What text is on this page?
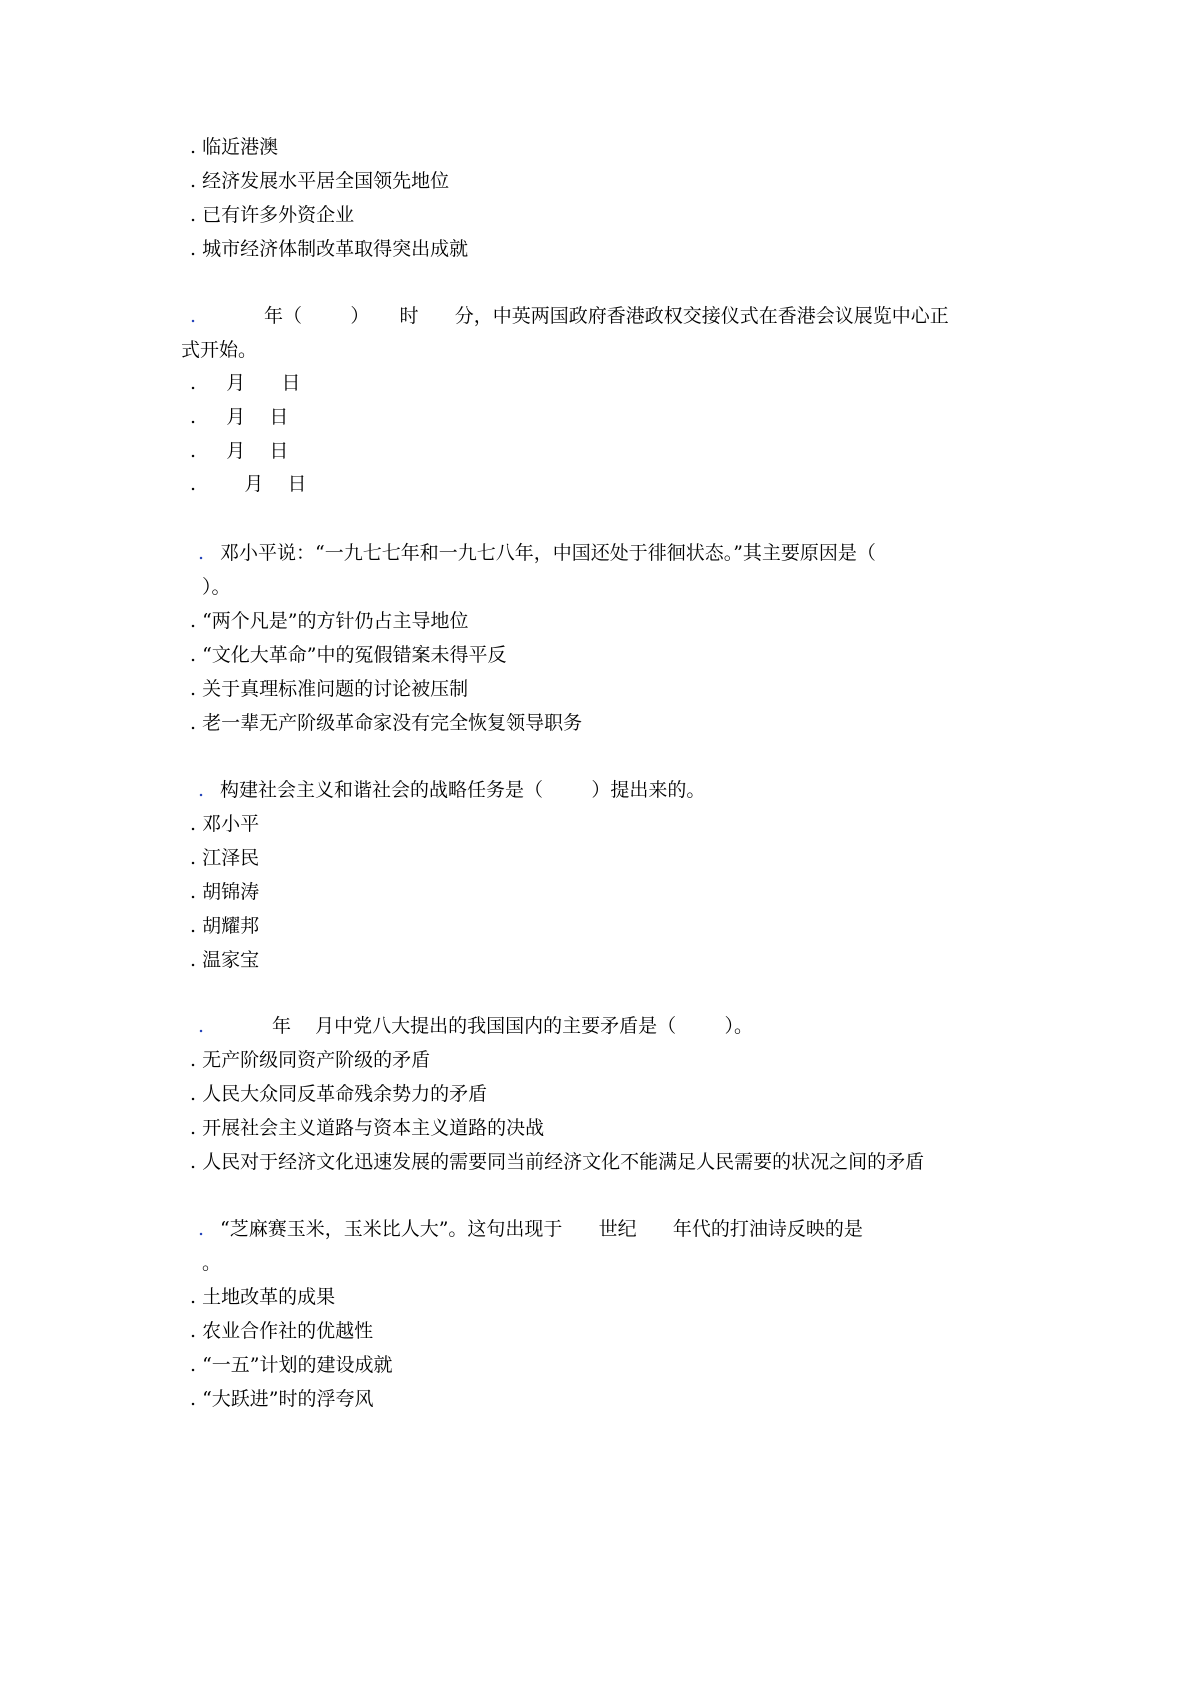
. 临近港澳
. 经济发展水平居全国领先地位
. 已有许多外资企业
. 城市经济体制改革取得突出成就
.	年（        ）     时      分，中英两国政府香港政权交接仪式在香港会议展览中心正
式开始。
.     月      日
.     月    日
.     月    日
.        月    日
. 邓小平说：“一九七七年和一九七八年，中国还处于徘徊状态。”其主要原因是（
）。
. “两个凡是”的方针仍占主导地位
. “文化大革命”中的冤假错案未得平反
. 关于真理标准问题的讨论被压制
. 老一辈无产阶级革命家没有完全恢复领导职务
. 构建社会主义和谐社会的战略任务是（        ）提出来的。
. 邓小平
. 江泽民
. 胡锦涛
. 胡耀邦
. 温家宝
.	年    月中党八大提出的我国国内的主要矛盾是（        ）。
. 无产阶级同资产阶级的矛盾
. 人民大众同反革命残余势力的矛盾
. 开展社会主义道路与资本主义道路的决战
. 人民对于经济文化迅速发展的需要同当前经济文化不能满足人民需要的状况之间的矛盾
. “芝麻赛玉米，玉米比人大”。这句出现于      世纪      年代的打油诗反映的是
。
. 土地改革的成果
. 农业合作社的优越性
. “一五”计划的建设成就
. “大跃进”时的浮夸风
